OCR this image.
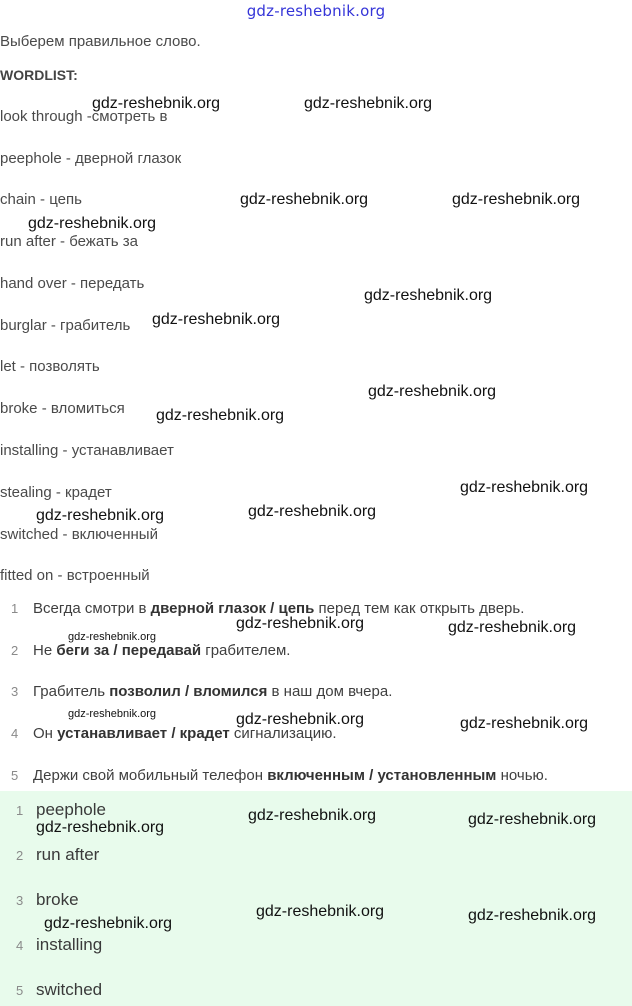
gdz-reshebnik.org
Выберем правильное слово.
WORDLIST:
look through -смотреть в
peephole - дверной глазок
chain - цепь
run after - бежать за
hand over - передать
burglar - грабитель
let - позволять
broke - вломиться
installing - устанавливает
stealing - крадет
switched - включенный
fitted on - встроенный
1 Всегда смотри в дверной глазок / цепь перед тем как открыть дверь.
2 Не беги за / передавай грабителем.
3 Грабитель позволил / вломился в наш дом вчера.
4 Он устанавливает / крадет сигнализацию.
5 Держи свой мобильный телефон включенным / установленным ночью.
1 peephole
2 run after
3 broke
4 installing
5 switched
gdz-reshebnik.org	gdz-reshebnik.org
gdz-reshebnik.org	gdz-reshebnik.org
gdz-reshebnik.org
gdz-reshebnik.org
gdz-reshebnik.org
gdz-reshebnik.org
gdz-reshebnik.org
gdz-reshebnik.org
gdz-reshebnik.org
gdz-reshebnik.org
gdz-reshebnik.org	gdz-reshebnik.org
gdz-reshebnik.org
gdz-reshebnik.org	gdz-reshebnik.org	gdz-reshebnik.org
gdz-reshebnik.org	gdz-reshebnik.org
gdz-reshebnik.org
gdz-reshebnik.org	gdz-reshebnik.org
gdz-reshebnik.org
